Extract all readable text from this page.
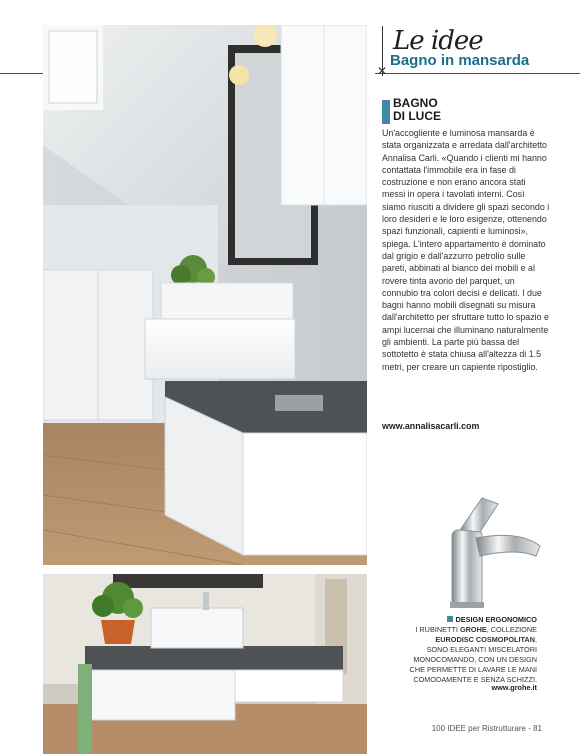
✕
Le idee
Bagno in mansarda
BAGNO
DI LUCE

Un'accogliente e luminosa mansarda è stata organizzata e arredata dall'architetto Annalisa Carli. «Quando i clienti mi hanno contattata l'immobile era in fase di costruzione e non erano ancora stati messi in opera i tavolati interni. Così siamo riusciti a dividere gli spazi secondo i loro desideri e le loro esigenze, ottenendo spazi funzionali, capienti e luminosi», spiega. L'intero appartamento è dominato dal grigio e dall'azzurro petrolio sulle pareti, abbinati al bianco dei mobili e al rovere tinta avorio del parquet, un connubio tra colori decisi e delicati. I due bagni hanno mobili disegnati su misura dall'architetto per sfruttare tutto lo spazio e ampi lucernai che illuminano naturalmente gli ambienti. La parte più bassa del sottotetto è stata chiusa all'altezza di 1.5 metri, per creare un capiente ripostiglio.

www.annalisacarli.com
DESIGN ERGONOMICO
I RUBINETTI GROHE, COLLEZIONE
EURODISC COSMOPOLITAN,
SONO ELEGANTI MISCELATORI
MONOCOMANDO, CON UN DESIGN
CHE PERMETTE DI LAVARE LE MANI
COMODAMENTE E SENZA SCHIZZI.
www.grohe.it
100 IDEE per Ristrutturare - 81
